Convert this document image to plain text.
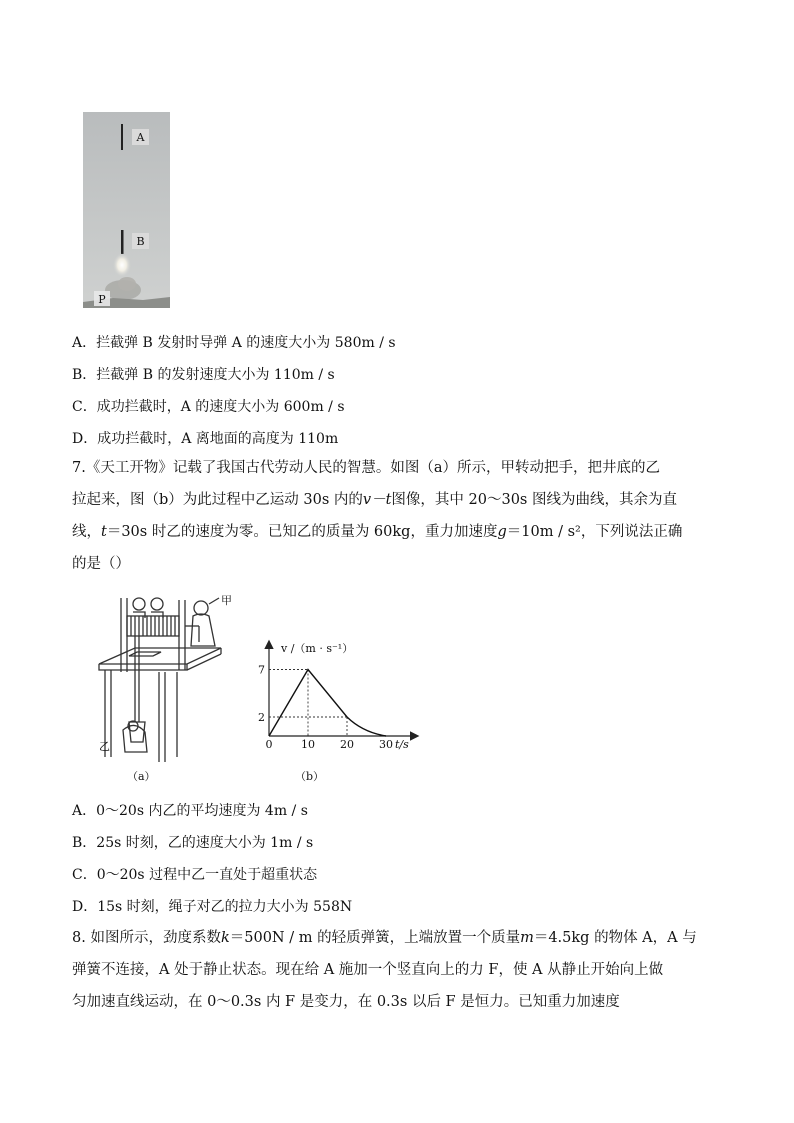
A
B
P
A．拦截弹 B 发射时导弹 A 的速度大小为 580m / s
B．拦截弹 B 的发射速度大小为 110m / s
C．成功拦截时，A 的速度大小为 600m / s
D．成功拦截时，A 离地面的高度为 110m
7.《天工开物》记载了我国古代劳动人民的智慧。如图（a）所示，甲转动把手，把井底的乙
拉起来，图（b）为此过程中乙运动 30s 内的v－t图像，其中 20～30s 图线为曲线，其余为直
线，t＝30s 时乙的速度为零。已知乙的质量为 60kg，重力加速度g＝10m / s²，下列说法正确
的是（）
甲
乙
（a）
v /（m · s⁻¹）
t/s
0	10 20 30
7
2
（b）
A．0～20s 内乙的平均速度为 4m / s
B．25s 时刻，乙的速度大小为 1m / s
C．0～20s 过程中乙一直处于超重状态
D．15s 时刻，绳子对乙的拉力大小为 558N
8. 如图所示，劲度系数k＝500N / m 的轻质弹簧，上端放置一个质量m＝4.5kg 的物体 A，A 与
弹簧不连接，A 处于静止状态。现在给 A 施加一个竖直向上的力 F，使 A 从静止开始向上做
匀加速直线运动，在 0～0.3s 内 F 是变力，在 0.3s 以后 F 是恒力。已知重力加速度
